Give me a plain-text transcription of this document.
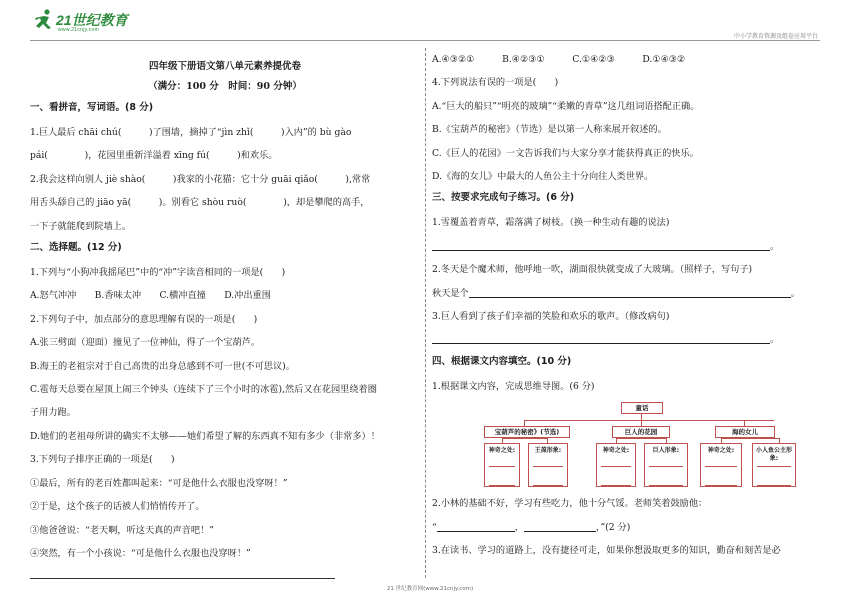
21世纪教育
www.21cnjy.com
中小学教育资源及组卷应用平台
四年级下册语文第八单元素养提优卷
（满分：100 分　时间：90 分钟）
一、看拼音，写词语。(8 分)
1.巨人最后 chāi chú(　　　)了围墙，摘掉了“jìn zhǐ(　　　)入内”的 bù gào
pái(　　　　)，花园里重新洋溢着 xīng fú(　　　)和欢乐。
2.我会这样向别人 jiè shào(　　　)我家的小花猫：它十分 guāi qiǎo(　　　),常常
用舌头舔自己的 jiāo yā(　　　)。别看它 shòu ruò(　　　　)，却是攀爬的高手，
一下子就能爬到院墙上。
二、选择题。(12 分)
1.下列与“小狗冲我摇尾巴”中的“冲”字读音相同的一项是(　　)
A.怒气冲冲　　B.香味太冲　　C.横冲直撞　　D.冲出重围
2.下列句子中，加点部分的意思理解有误的一项是(　　)
A.张三劈面（迎面）撞见了一位神仙，得了一个宝葫芦。
B.海王的老祖宗对于自己高贵的出身总感到不可一世(不可思议)。
C.雹每天总要在屋顶上闹三个钟头（连续下了三个小时的冰雹),然后又在花园里绕着圈
子用力跑。
D.她们的老祖母所讲的确实不太够——她们希望了解的东西真不知有多少（非常多）！
3.下列句子排序正确的一项是(　　)
①最后，所有的老百姓都叫起来：“可是他什么衣服也没穿呀！”
②于是，这个孩子的话被人们悄悄传开了。
③他爸爸说：“老天啊，听这天真的声音吧！”
④突然，有一个小孩说：“可是他什么衣服也没穿呀！”
A.④③②①　　　B.④②③①　　　C.①④②③　　　D.①④③②
4.下列说法有误的一项是(　　)
A.“巨大的船只”“明亮的玻璃”“柔嫩的青草”这几组词语搭配正确。
B.《宝葫芦的秘密》（节选）是以第一人称来展开叙述的。
C.《巨人的花园》一文告诉我们与大家分享才能获得真正的快乐。
D.《海的女儿》中最大的人鱼公主十分向往人类世界。
三、按要求完成句子练习。(6 分)
1.雪覆盖着青草，霜落满了树枝。（换一种生动有趣的说法)
。
2.冬天是个魔术师，他呼地一吹，湖面很快就变成了大玻璃。（照样子，写句子)
秋天是个	。
3.巨人看到了孩子们幸福的笑脸和欢乐的歌声。（修改病句)
。
四、根据课文内容填空。(10 分)
1.根据课文内容，完成思维导图。(6 分)
童话
宝葫芦的秘密》(节选)	巨人的花园	海的女儿
神奇之处:	王葆形象:	神奇之处:	巨人形象:	神奇之处:	小人鱼公主形象:
2.小林的基础不好，学习有些吃力，他十分气馁。老师笑着鼓励他：
“	，	，”(2 分)
3.在读书、学习的道路上，没有捷径可走，如果你想汲取更多的知识，勤奋和刻苦是必
21 世纪教育网(www.21cnjy.com)
